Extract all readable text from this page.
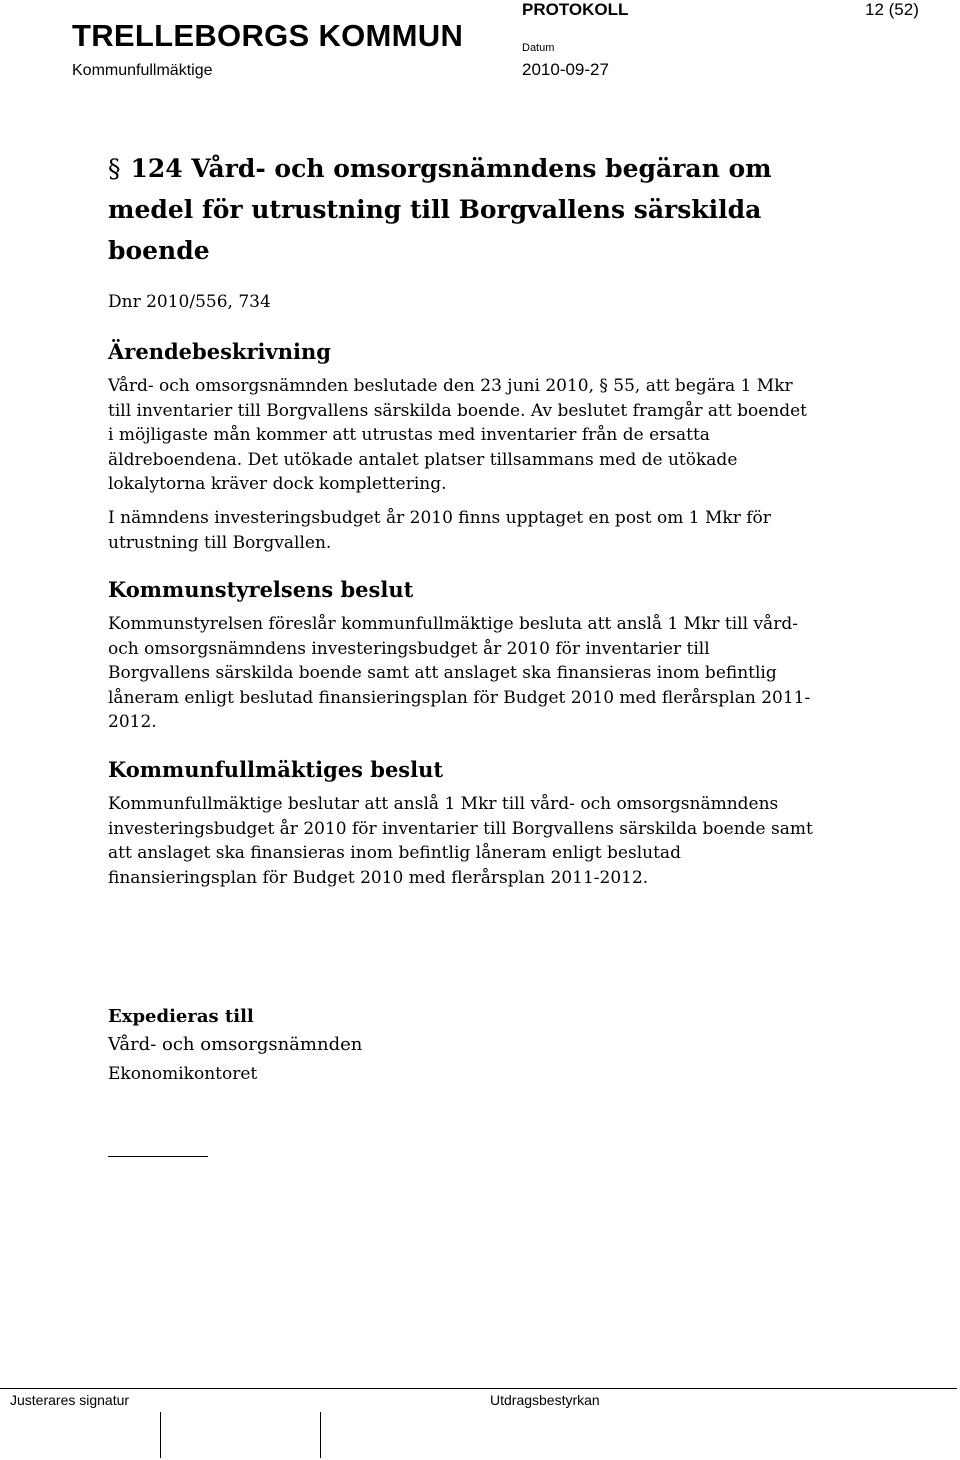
TRELLEBORGS KOMMUN
Kommunfullmäktige
PROTOKOLL
Datum
2010-09-27
12 (52)
§ 124 Vård- och omsorgsnämndens begäran om medel för utrustning till Borgvallens särskilda boende
Dnr 2010/556, 734
Ärendebeskrivning
Vård- och omsorgsnämnden beslutade den 23 juni 2010, § 55, att begära 1 Mkr
till inventarier till Borgvallens särskilda boende. Av beslutet framgår att boendet
i möjligaste mån kommer att utrustas med inventarier från de ersatta
äldreboendena. Det utökade antalet platser tillsammans med de utökade
lokalytorna kräver dock komplettering.
I nämndens investeringsbudget år 2010 finns upptaget en post om 1 Mkr för
utrustning till Borgvallen.
Kommunstyrelsens beslut
Kommunstyrelsen föreslår kommunfullmäktige besluta att anslå 1 Mkr till vård-
och omsorgsnämndens investeringsbudget år 2010 för inventarier till
Borgvallens särskilda boende samt att anslaget ska finansieras inom befintlig
låneram enligt beslutad finansieringsplan för Budget 2010 med flerårsplan 2011-
2012.
Kommunfullmäktiges beslut
Kommunfullmäktige beslutar att anslå 1 Mkr till vård- och omsorgsnämndens
investeringsbudget år 2010 för inventarier till Borgvallens särskilda boende samt
att anslaget ska finansieras inom befintlig låneram enligt beslutad
finansieringsplan för Budget 2010 med flerårsplan 2011-2012.
Expedieras till
Vård- och omsorgsnämnden
Ekonomikontoret
Justerares signatur	Utdragsbestyrkan
